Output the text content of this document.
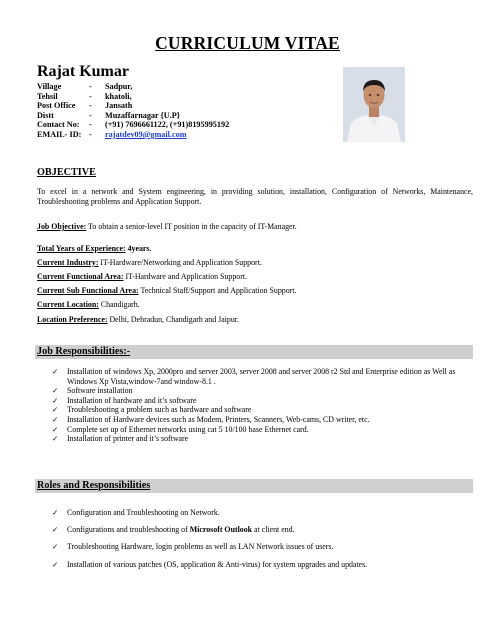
CURRICULUM VITAE
Rajat Kumar
Village	-	Sadpur,
Tehsil	-	khatoli,
Post Office	-	Jansath
Distt	-	Muzaffarnagar {U.P}
Contact No:	-	(+91) 7696661122, (+91)8195995192
EMAIL- ID: -	rajatdev09@gmail.com
OBJECTIVE
To excel in a network and System engineering, in providing solution, installation, Configuration of Networks, Maintenance, Troubleshooting problems and Application Support.
Job Objective: To obtain a senior-level IT position in the capacity of IT-Manager.
Total Years of Experience: 4years.
Current Industry: IT-Hardware/Networking and Application Support.
Current Functional Area: IT-Hardware and Application Support.
Current Sub Functional Area: Technical Staff/Support and Application Support.
Current Location: Chandigarh.
Location Preference: Delhi, Dehradun, Chandigarh and Jaipur.
Job Responsibilities:-
✓	Installation of windows Xp, 2000pro and server 2003, server 2008 and server 2008 r2 Std and Enterprise edition as Well as Windows Xp Vista,window-7and window-8.1 .
✓	Software installation
✓	Installation of hardware and it’s software
✓	Troubleshooting a problem such as hardware and software
✓	Installation of Hardware devices such as Modem, Printers, Scanners, Web-cams, CD writer, etc.
✓	Complete set up of Ethernet networks using cat 5 10/100 base Ethernet card.
✓	Installation of printer and it’s software
Roles and Responsibilities
✓	Configuration and Troubleshooting on Network.
✓	Configurations and troubleshooting of Microsoft Outlook at client end.
✓	Troubleshooting Hardware, login problems as well as LAN Network issues of users.
✓	Installation of various patches (OS, application & Anti-virus) for system upgrades and updates.
